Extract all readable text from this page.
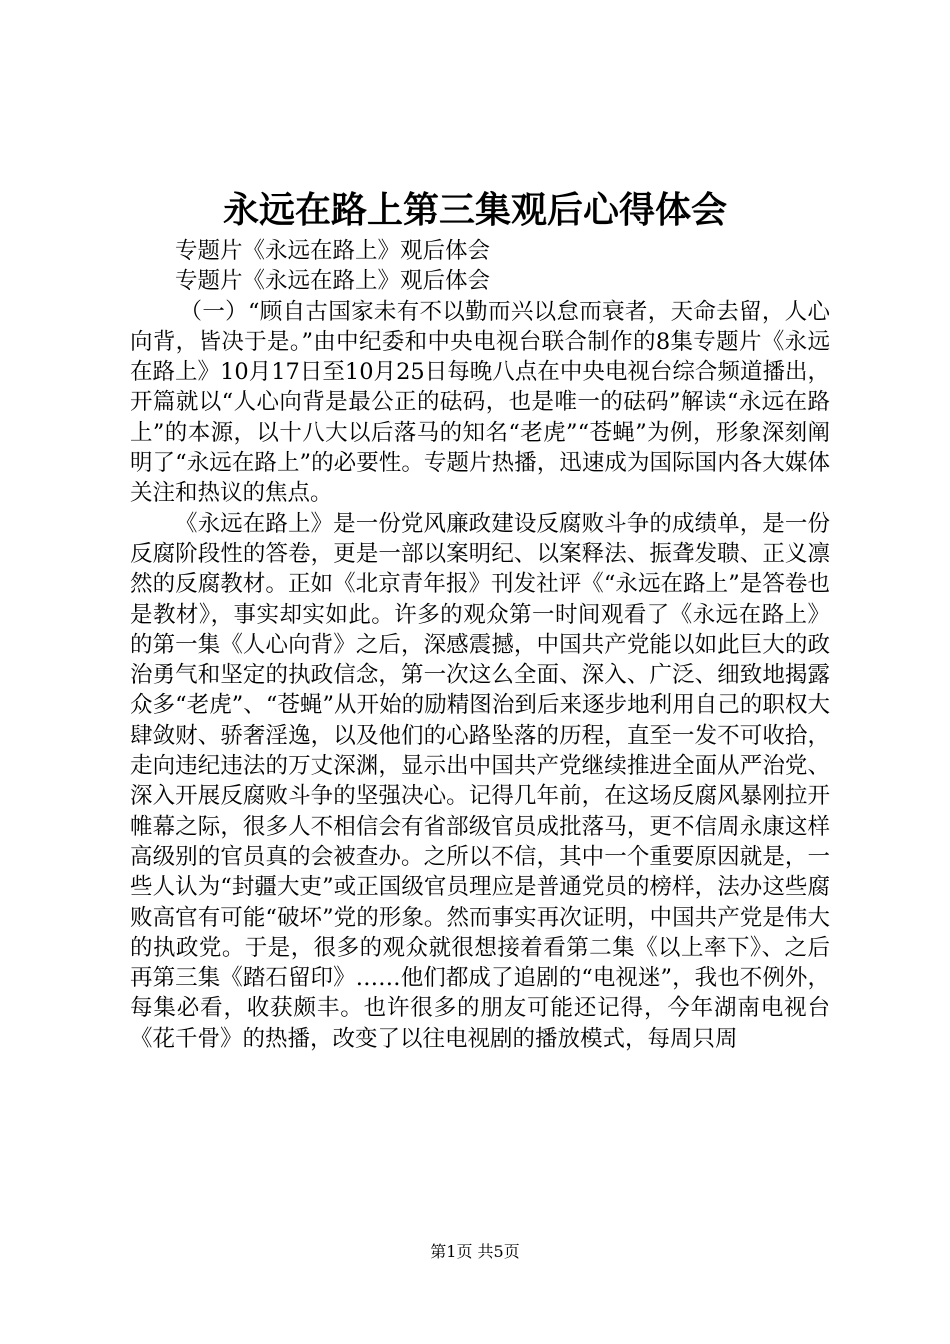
永远在路上第三集观后心得体会

专题片《永远在路上》观后体会

专题片《永远在路上》观后体会

（一）“顾自古国家未有不以勤而兴以怠而衰者，天命去留，人心向背，皆决于是。”由中纪委和中央电视台联合制作的8集专题片《永远在路上》10月17日至10月25日每晚八点在中央电视台综合频道播出，开篇就以“人心向背是最公正的砝码，也是唯一的砝码”解读“永远在路上”的本源，以十八大以后落马的知名“老虎”“苍蝇”为例，形象深刻阐明了“永远在路上”的必要性。专题片热播，迅速成为国际国内各大媒体关注和热议的焦点。

《永远在路上》是一份党风廉政建设反腐败斗争的成绩单，是一份反腐阶段性的答卷，更是一部以案明纪、以案释法、振聋发聩、正义凛然的反腐教材。正如《北京青年报》刊发社评《“永远在路上”是答卷也是教材》，事实却实如此。许多的观众第一时间观看了《永远在路上》的第一集《人心向背》之后，深感震撼，中国共产党能以如此巨大的政治勇气和坚定的执政信念，第一次这么全面、深入、广泛、细致地揭露众多“老虎”、“苍蝇”从开始的励精图治到后来逐步地利用自己的职权大肆敛财、骄奢淫逸，以及他们的心路坠落的历程，直至一发不可收拾，走向违纪违法的万丈深渊，显示出中国共产党继续推进全面从严治党、深入开展反腐败斗争的坚强决心。记得几年前，在这场反腐风暴刚拉开帷幕之际，很多人不相信会有省部级官员成批落马，更不信周永康这样高级别的官员真的会被查办。之所以不信，其中一个重要原因就是，一些人认为“封疆大吏”或正国级官员理应是普通党员的榜样，法办这些腐败高官有可能“破坏”党的形象。然而事实再次证明，中国共产党是伟大的执政党。于是，很多的观众就很想接着看第二集《以上率下》、之后再第三集《踏石留印》……他们都成了追剧的“电视迷”，我也不例外，每集必看，收获颇丰。也许很多的朋友可能还记得，今年湖南电视台《花千骨》的热播，改变了以往电视剧的播放模式，每周只周

第1页 共5页
